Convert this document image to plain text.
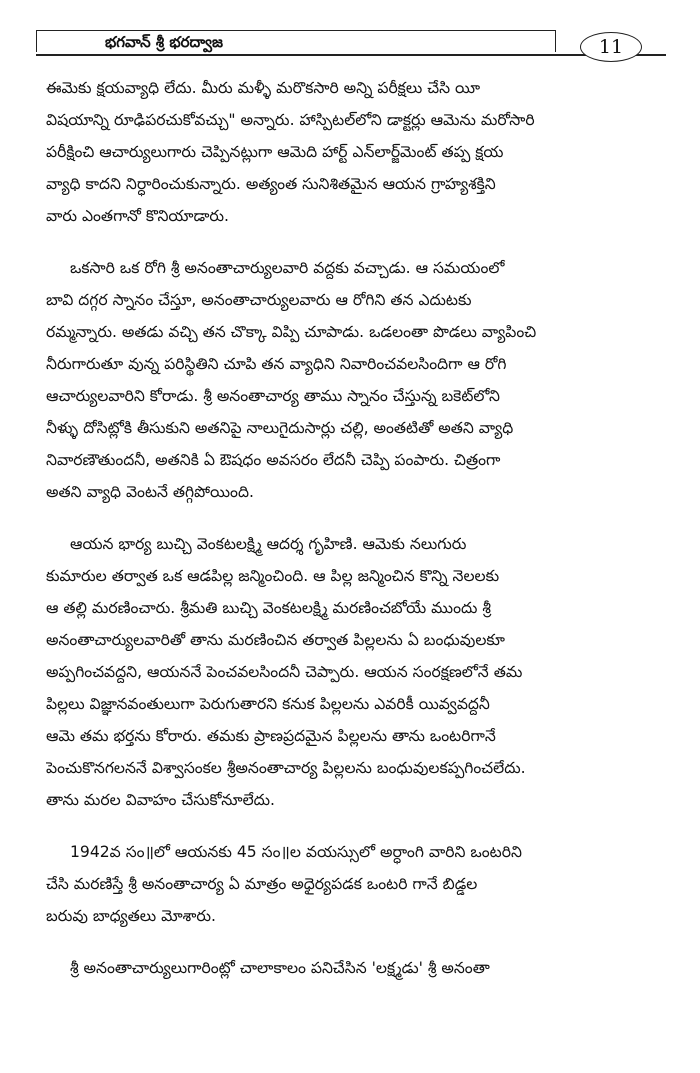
భగవాన్ శ్రీ భరద్వాజ	11

ఈమెకు క్షయవ్యాధి లేదు. మీరు మళ్ళీ మరొకసారి అన్ని పరీక్షలు చేసి యీ
విషయాన్ని రూఢిపరచుకోవచ్చు" అన్నారు. హాస్పిటల్‌లోని డాక్టర్లు ఆమెను మరోసారి
పరీక్షించి ఆచార్యులుగారు చెప్పినట్లుగా ఆమెది హార్ట్ ఎన్‌లార్జ్‌మెంట్ తప్ప క్షయ
వ్యాధి కాదని నిర్ధారించుకున్నారు. అత్యంత సునిశితమైన ఆయన గ్రాహ్యశక్తిని
వారు ఎంతగానో కొనియాడారు.

ఒకసారి ఒక రోగి శ్రీ అనంతాచార్యులవారి వద్దకు వచ్చాడు. ఆ సమయంలో
బావి దగ్గర స్నానం చేస్తూ, అనంతాచార్యులవారు ఆ రోగిని తన ఎదుటకు
రమ్మన్నారు. అతడు వచ్చి తన చొక్కా విప్పి చూపాడు. ఒడలంతా పొడలు వ్యాపించి
నీరుగారుతూ వున్న పరిస్థితిని చూపి తన వ్యాధిని నివారించవలసిందిగా ఆ రోగి
ఆచార్యులవారిని కోరాడు. శ్రీ అనంతాచార్య తాము స్నానం చేస్తున్న బకెట్‌లోని
నీళ్ళు దోసిట్లోకి తీసుకుని అతనిపై నాలుగైదుసార్లు చల్లి, అంతటితో అతని వ్యాధి
నివారణౌతుందనీ, అతనికి ఏ ఔషధం అవసరం లేదనీ చెప్పి పంపారు. చిత్రంగా
అతని వ్యాధి వెంటనే తగ్గిపోయింది.

ఆయన భార్య బుచ్చి వెంకటలక్ష్మి ఆదర్శ గృహిణి. ఆమెకు నలుగురు
కుమారుల తర్వాత ఒక ఆడపిల్ల జన్మించింది. ఆ పిల్ల జన్మించిన కొన్ని నెలలకు
ఆ తల్లి మరణించారు. శ్రీమతి బుచ్చి వెంకటలక్ష్మి మరణించబోయే ముందు శ్రీ
అనంతాచార్యులవారితో తాను మరణించిన తర్వాత పిల్లలను ఏ బంధువులకూ
అప్పగించవద్దని, ఆయననే పెంచవలసిందనీ చెప్పారు. ఆయన సంరక్షణలోనే తమ
పిల్లలు విజ్ఞానవంతులుగా పెరుగుతారని కనుక పిల్లలను ఎవరికీ యివ్వవద్దనీ
ఆమె తమ భర్తను కోరారు. తమకు ప్రాణప్రదమైన పిల్లలను తాను ఒంటరిగానే
పెంచుకొనగలననే విశ్వాసంకల శ్రీఅనంతాచార్య పిల్లలను బంధువులకప్పగించలేదు.
తాను మరల వివాహం చేసుకోనూలేదు.

1942వ సం॥లో ఆయనకు 45 సం॥ల వయస్సులో అర్ధాంగి వారిని ఒంటరిని
చేసి మరణిస్తే శ్రీ అనంతాచార్య ఏ మాత్రం అధైర్యపడక ఒంటరి గానే బిడ్డల
బరువు బాధ్యతలు మోశారు.

శ్రీ అనంతాచార్యులుగారింట్లో చాలాకాలం పనిచేసిన 'లక్ష్మడు' శ్రీ అనంతా
